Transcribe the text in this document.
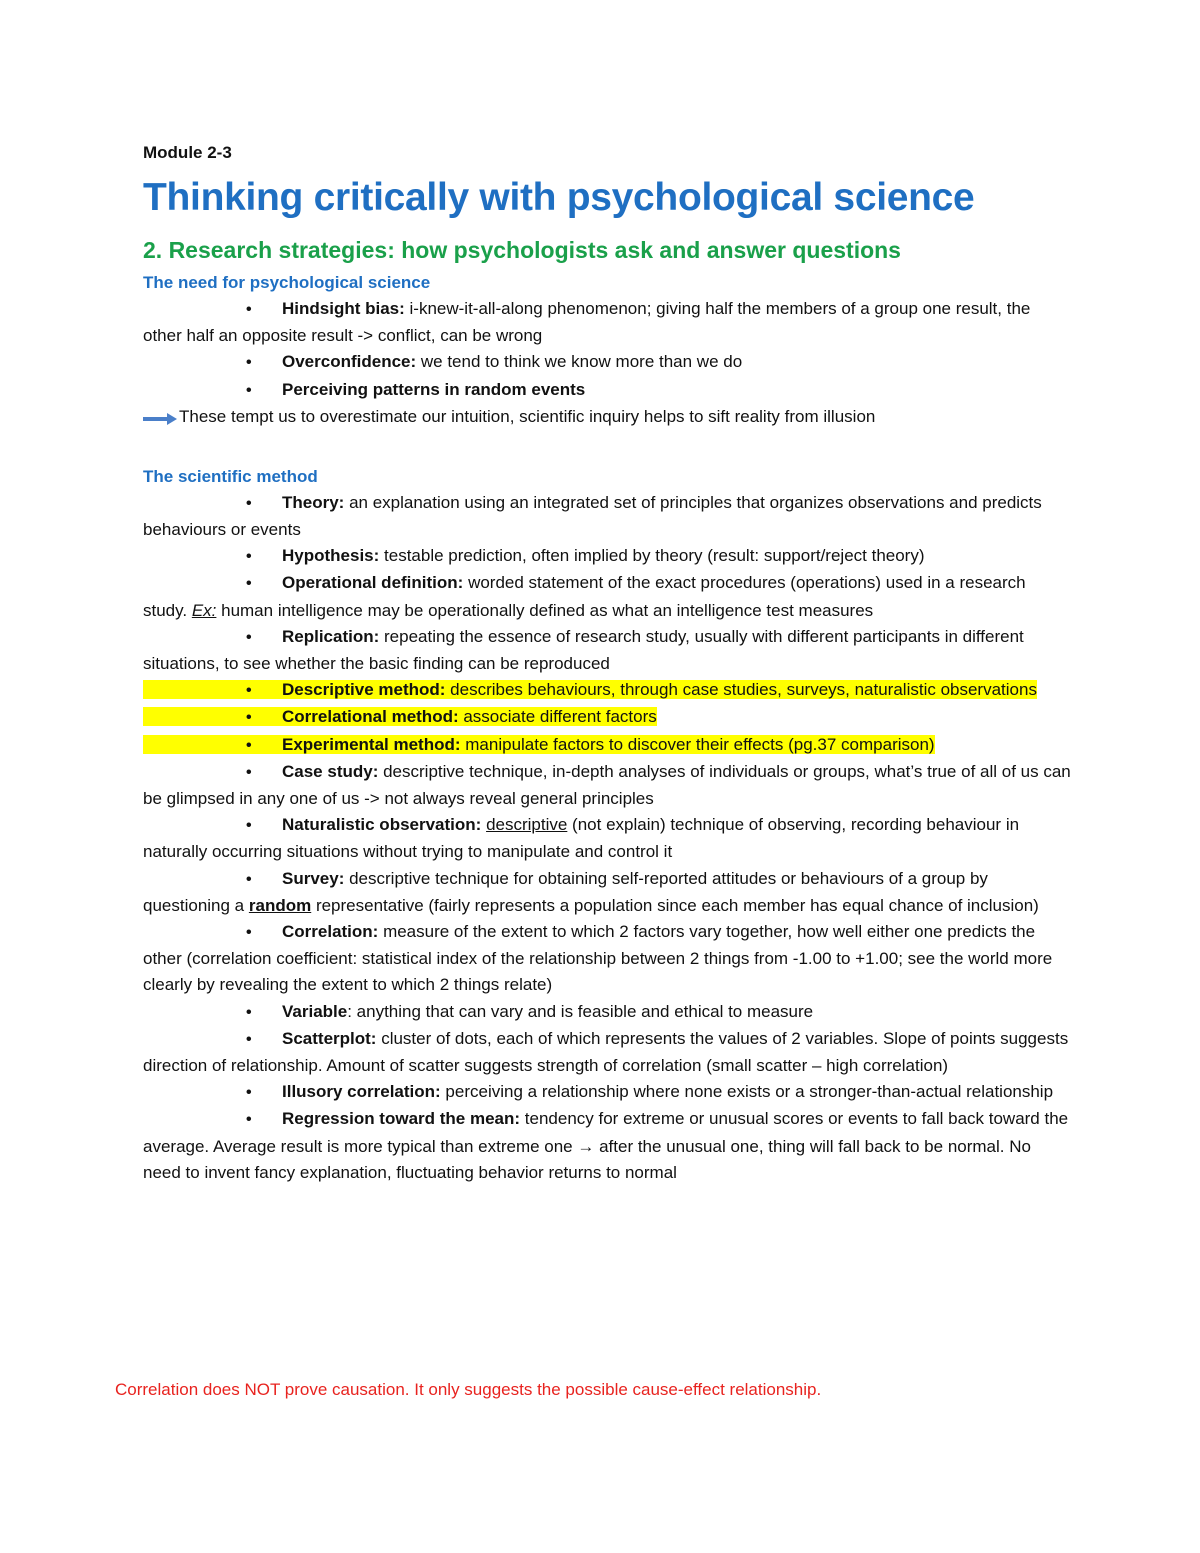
Module 2-3

Thinking critically with psychological science
2. Research strategies: how psychologists ask and answer questions
The need for psychological science

• Hindsight bias: i-knew-it-all-along phenomenon; giving half the members of a group one result, the other half an opposite result -> conflict, can be wrong

• Overconfidence: we tend to think we know more than we do

• Perceiving patterns in random events

These tempt us to overestimate our intuition, scientific inquiry helps to sift reality from illusion

The scientific method

• Theory: an explanation using an integrated set of principles that organizes observations and predicts behaviours or events

• Hypothesis: testable prediction, often implied by theory (result: support/reject theory)

• Operational definition: worded statement of the exact procedures (operations) used in a research study. Ex: human intelligence may be operationally defined as what an intelligence test measures

• Replication: repeating the essence of research study, usually with different participants in different situations, to see whether the basic finding can be reproduced

• Descriptive method: describes behaviours, through case studies, surveys, naturalistic observations

• Correlational method: associate different factors

• Experimental method: manipulate factors to discover their effects (pg.37 comparison)

• Case study: descriptive technique, in-depth analyses of individuals or groups, what’s true of all of us can be glimpsed in any one of us -> not always reveal general principles

• Naturalistic observation: descriptive (not explain) technique of observing, recording behaviour in naturally occurring situations without trying to manipulate and control it

• Survey: descriptive technique for obtaining self-reported attitudes or behaviours of a group by questioning a random representative (fairly represents a population since each member has equal chance of inclusion)

• Correlation: measure of the extent to which 2 factors vary together, how well either one predicts the other (correlation coefficient: statistical index of the relationship between 2 things from -1.00 to +1.00; see the world more clearly by revealing the extent to which 2 things relate)

• Variable: anything that can vary and is feasible and ethical to measure

• Scatterplot: cluster of dots, each of which represents the values of 2 variables. Slope of points suggests direction of relationship. Amount of scatter suggests strength of correlation (small scatter – high correlation)

• Illusory correlation: perceiving a relationship where none exists or a stronger-than-actual relationship

• Regression toward the mean: tendency for extreme or unusual scores or events to fall back toward the average. Average result is more typical than extreme one → after the unusual one, thing will fall back to be normal. No need to invent fancy explanation, fluctuating behavior returns to normal

Correlation does NOT prove causation. It only suggests the possible cause-effect relationship.
